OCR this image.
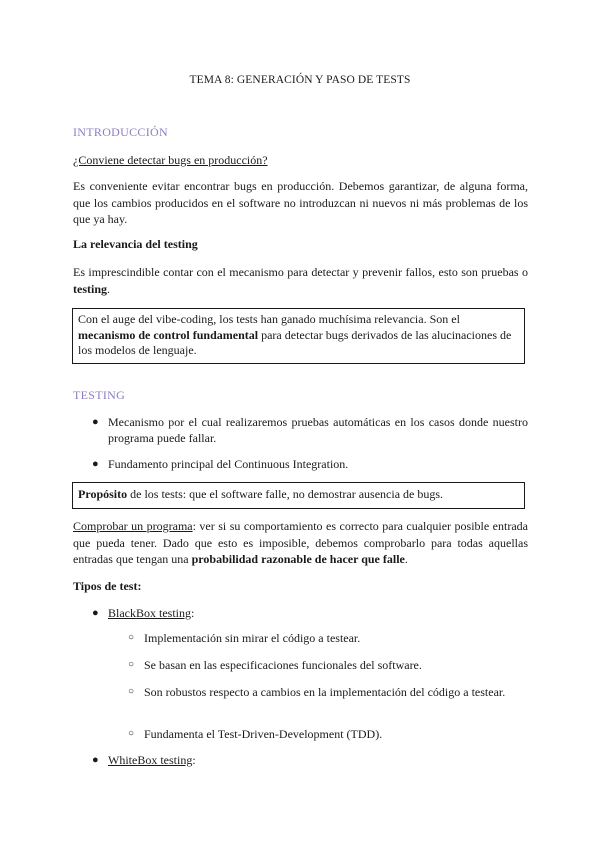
TEMA 8: GENERACIÓN Y PASO DE TESTS
INTRODUCCIÓN
¿Conviene detectar bugs en producción?
Es conveniente evitar encontrar bugs en producción. Debemos garantizar, de alguna forma, que los cambios producidos en el software no introduzcan ni nuevos ni más problemas de los que ya hay.
La relevancia del testing
Es imprescindible contar con el mecanismo para detectar y prevenir fallos, esto son pruebas o testing.
Con el auge del vibe-coding, los tests han ganado muchísima relevancia. Son el mecanismo de control fundamental para detectar bugs derivados de las alucinaciones de los modelos de lenguaje.
TESTING
● Mecanismo por el cual realizaremos pruebas automáticas en los casos donde nuestro programa puede fallar.
● Fundamento principal del Continuous Integration.
Propósito de los tests: que el software falle, no demostrar ausencia de bugs.
Comprobar un programa: ver si su comportamiento es correcto para cualquier posible entrada que pueda tener. Dado que esto es imposible, debemos comprobarlo para todas aquellas entradas que tengan una probabilidad razonable de hacer que falle.
Tipos de test:
● BlackBox testing:
○ Implementación sin mirar el código a testear.
○ Se basan en las especificaciones funcionales del software.
○ Son robustos respecto a cambios en la implementación del código a testear.
○ Fundamenta el Test-Driven-Development (TDD).
● WhiteBox testing:
